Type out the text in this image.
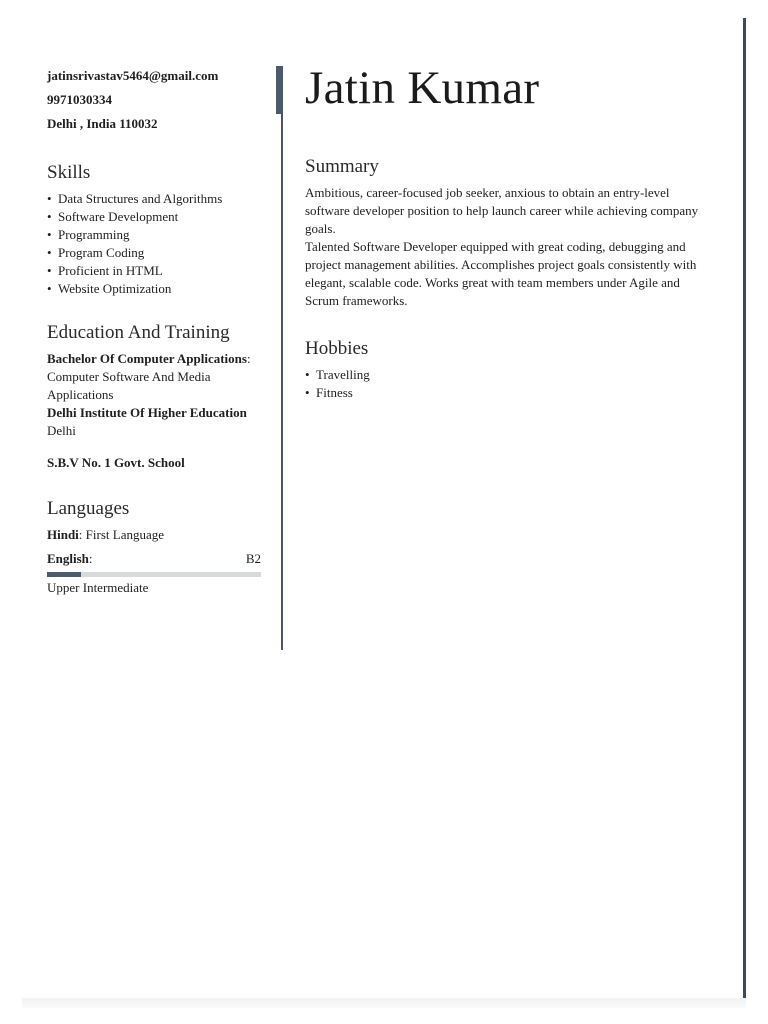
jatinsrivastav5464@gmail.com
9971030334
Delhi , India 110032
Skills
• Data Structures and Algorithms
• Software Development
• Programming
• Program Coding
• Proficient in HTML
• Website Optimization
Education And Training
Bachelor Of Computer Applications:
Computer Software And Media Applications
Delhi Institute Of Higher Education
Delhi
S.B.V No. 1 Govt. School
Languages
Hindi: First Language
English:	B2
Upper Intermediate
Jatin Kumar
Summary
Ambitious, career-focused job seeker, anxious to obtain an entry-level software developer position to help launch career while achieving company goals.
Talented Software Developer equipped with great coding, debugging and project management abilities. Accomplishes project goals consistently with elegant, scalable code. Works great with team members under Agile and Scrum frameworks.
Hobbies
• Travelling
• Fitness
